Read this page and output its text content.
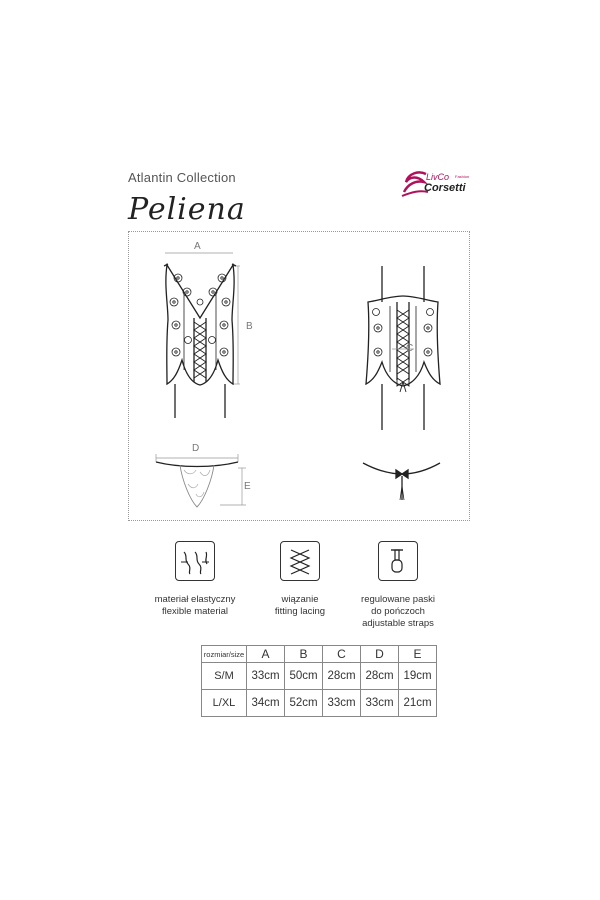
Atlantin Collection
Peliena
LivCo Fashion
Corsetti
A
B
C
D
E
materiał elastyczny
flexible material
wiązanie
fitting lacing
regulowane paski
do pończoch
adjustable straps
rozmiar/size	A	B	C	D	E
S/M	33cm	50cm	28cm	28cm	19cm
L/XL	34cm	52cm	33cm	33cm	21cm
